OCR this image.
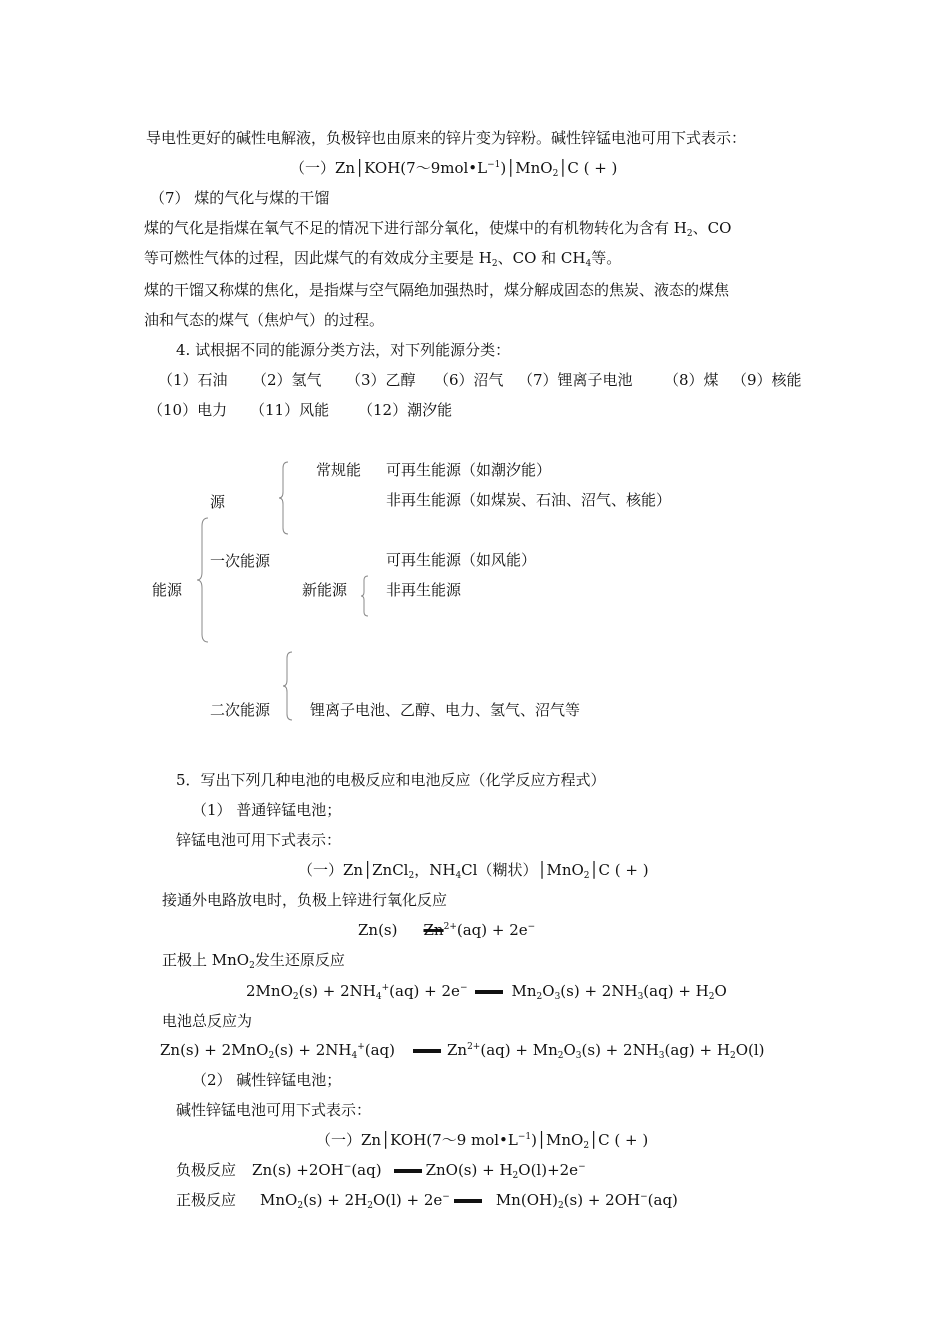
导电性更好的碱性电解液，负极锌也由原来的锌片变为锌粉。碱性锌锰电池可用下式表示：
（一）$Zn│KOH(7\sim 9mol•L^{-1})│MnO_2│C$ ( + )
（7） 煤的气化与煤的干馏
煤的气化是指煤在氧气不足的情况下进行部分氧化，使煤中的有机物转化为含有 $H_2$、CO
等可燃性气体的过程，因此煤气的有效成分主要是 $H_2$、CO 和 $CH_4$等。
煤的干馏又称煤的焦化，是指煤与空气隔绝加强热时，煤分解成固态的焦炭、液态的煤焦
油和气态的煤气（焦炉气）的过程。
4. 试根据不同的能源分类方法，对下列能源分类：
（1）石油 （2）氢气 （3）乙醇 （6）沼气 （7）锂离子电池 （8）煤 （9）核能
（10）电力 （11）风能 （12）潮汐能
能源
源
一次能源
二次能源
常规能 可再生能源（如潮汐能）
非再生能源（如煤炭、石油、沼气、核能）
新能源
可再生能源（如风能）
非再生能源
锂离子电池、乙醇、电力、氢气、沼气等
5．写出下列几种电池的电极反应和电池反应（化学反应方程式）
（1） 普通锌锰电池；
锌锰电池可用下式表示：
（一）Zn│ZnCl$_2$，$NH_4Cl$（糊状）│MnO$_2$│C ( + )
接通外电路放电时，负极上锌进行氧化反应
Zn(s) $Zn^{2+}(aq) + 2e^-$
正极上 MnO$_2$发生还原反应
$2MnO_2(s) + 2NH_4^+(aq) + 2e^-$	$Mn_2O_3(s) + 2NH_3(aq) + H_2O$
电池总反应为
$Zn(s) + 2MnO_2(s) + 2NH_4^+(aq)$	$Zn^{2+}(aq) + Mn_2O_3(s) + 2NH_3(ag) + H_2O(l)$
（2） 碱性锌锰电池；
碱性锌锰电池可用下式表示：
（一）Zn│KOH(7～9 $mol•L^{-1})│MnO_2│C$ ( + )
负极反应 Zn(s) +2OH−(aq)	$ZnO(s) + H_2O(l)+2e^-$
正极反应 $MnO_2(s) + 2H_2O(l) + 2e^-$	$Mn(OH)_2(s) + 2OH^-(aq)$
